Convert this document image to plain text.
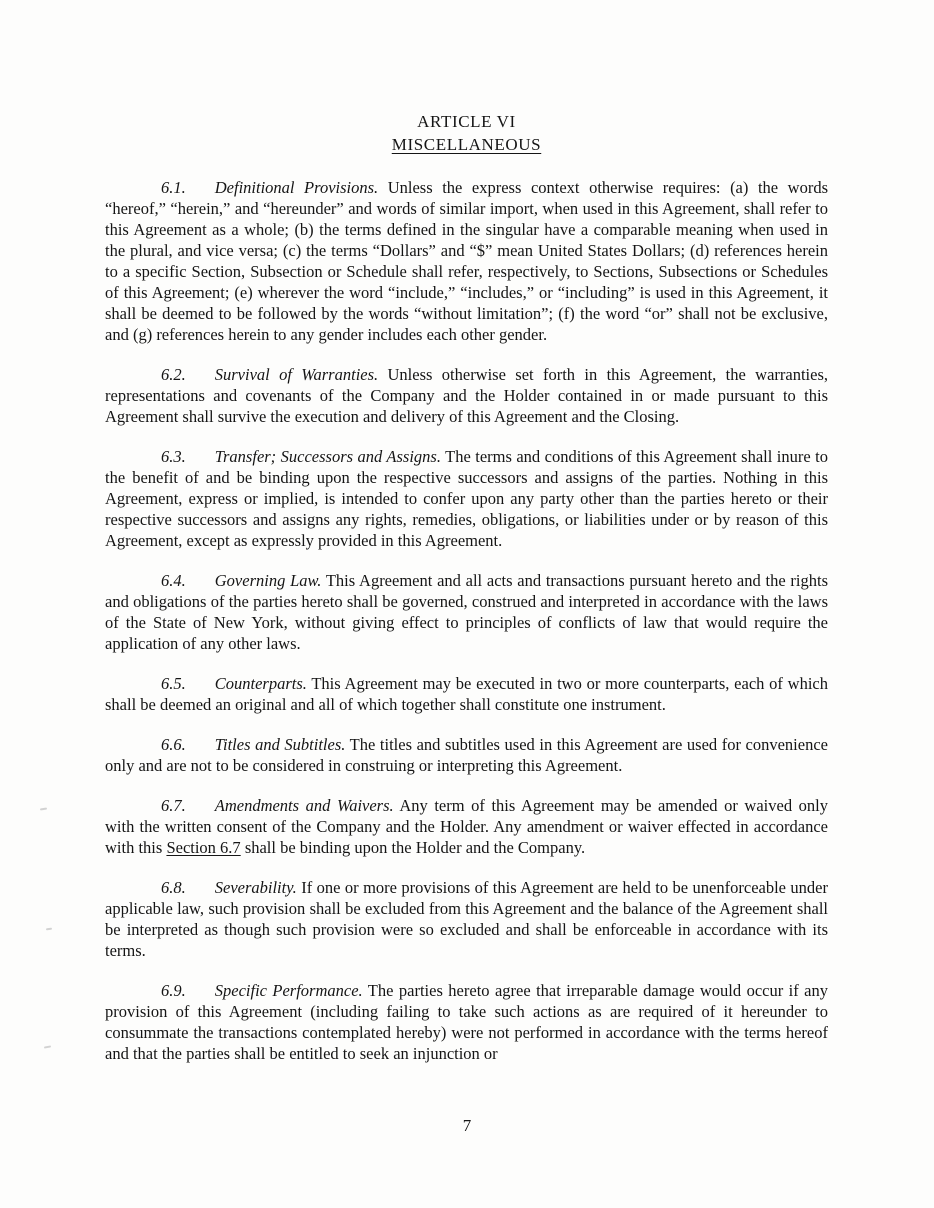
ARTICLE VI
MISCELLANEOUS

6.1. Definitional Provisions. Unless the express context otherwise requires: (a) the words “hereof,” “herein,” and “hereunder” and words of similar import, when used in this Agreement, shall refer to this Agreement as a whole; (b) the terms defined in the singular have a comparable meaning when used in the plural, and vice versa; (c) the terms “Dollars” and “$” mean United States Dollars; (d) references herein to a specific Section, Subsection or Schedule shall refer, respectively, to Sections, Subsections or Schedules of this Agreement; (e) wherever the word “include,” “includes,” or “including” is used in this Agreement, it shall be deemed to be followed by the words “without limitation”; (f) the word “or” shall not be exclusive, and (g) references herein to any gender includes each other gender.

6.2. Survival of Warranties. Unless otherwise set forth in this Agreement, the warranties, representations and covenants of the Company and the Holder contained in or made pursuant to this Agreement shall survive the execution and delivery of this Agreement and the Closing.

6.3. Transfer; Successors and Assigns. The terms and conditions of this Agreement shall inure to the benefit of and be binding upon the respective successors and assigns of the parties. Nothing in this Agreement, express or implied, is intended to confer upon any party other than the parties hereto or their respective successors and assigns any rights, remedies, obligations, or liabilities under or by reason of this Agreement, except as expressly provided in this Agreement.

6.4. Governing Law. This Agreement and all acts and transactions pursuant hereto and the rights and obligations of the parties hereto shall be governed, construed and interpreted in accordance with the laws of the State of New York, without giving effect to principles of conflicts of law that would require the application of any other laws.

6.5. Counterparts. This Agreement may be executed in two or more counterparts, each of which shall be deemed an original and all of which together shall constitute one instrument.

6.6. Titles and Subtitles. The titles and subtitles used in this Agreement are used for convenience only and are not to be considered in construing or interpreting this Agreement.

6.7. Amendments and Waivers. Any term of this Agreement may be amended or waived only with the written consent of the Company and the Holder. Any amendment or waiver effected in accordance with this Section 6.7 shall be binding upon the Holder and the Company.

6.8. Severability. If one or more provisions of this Agreement are held to be unenforceable under applicable law, such provision shall be excluded from this Agreement and the balance of the Agreement shall be interpreted as though such provision were so excluded and shall be enforceable in accordance with its terms.

6.9. Specific Performance. The parties hereto agree that irreparable damage would occur if any provision of this Agreement (including failing to take such actions as are required of it hereunder to consummate the transactions contemplated hereby) were not performed in accordance with the terms hereof and that the parties shall be entitled to seek an injunction or

7
